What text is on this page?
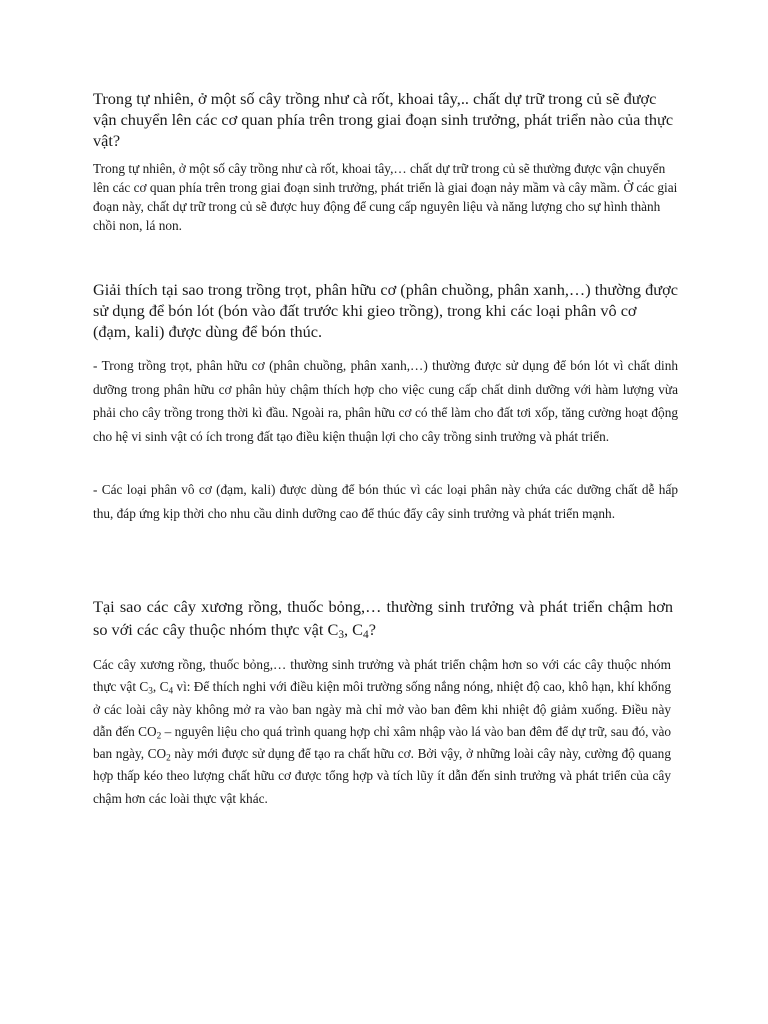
Trong tự nhiên, ở một số cây trồng như cà rốt, khoai tây,.. chất dự trữ trong củ sẽ được vận chuyển lên các cơ quan phía trên trong giai đoạn sinh trưởng, phát triển nào của thực vật?

Trong tự nhiên, ở một số cây trồng như cà rốt, khoai tây,… chất dự trữ trong củ sẽ thường được vận chuyển lên các cơ quan phía trên trong giai đoạn sinh trưởng, phát triển là giai đoạn nảy mầm và cây mầm. Ở các giai đoạn này, chất dự trữ trong củ sẽ được huy động để cung cấp nguyên liệu và năng lượng cho sự hình thành chồi non, lá non.

Giải thích tại sao trong trồng trọt, phân hữu cơ (phân chuồng, phân xanh,…) thường được sử dụng để bón lót (bón vào đất trước khi gieo trồng), trong khi các loại phân vô cơ (đạm, kali) được dùng để bón thúc.

- Trong trồng trọt, phân hữu cơ (phân chuồng, phân xanh,…) thường được sử dụng để bón lót vì chất dinh dưỡng trong phân hữu cơ phân hủy chậm thích hợp cho việc cung cấp chất dinh dưỡng với hàm lượng vừa phải cho cây trồng trong thời kì đầu. Ngoài ra, phân hữu cơ có thể làm cho đất tơi xốp, tăng cường hoạt động cho hệ vi sinh vật có ích trong đất tạo điều kiện thuận lợi cho cây trồng sinh trưởng và phát triển.

- Các loại phân vô cơ (đạm, kali) được dùng để bón thúc vì các loại phân này chứa các dưỡng chất dễ hấp thu, đáp ứng kịp thời cho nhu cầu dinh dưỡng cao để thúc đẩy cây sinh trưởng và phát triển mạnh.

Tại sao các cây xương rồng, thuốc bỏng,… thường sinh trưởng và phát triển chậm hơn so với các cây thuộc nhóm thực vật $C_3$, $C_4$?

Các cây xương rồng, thuốc bỏng,… thường sinh trưởng và phát triển chậm hơn so với các cây thuộc nhóm thực vật $C_3$, $C_4$ vì: Để thích nghi với điều kiện môi trường sống nắng nóng, nhiệt độ cao, khô hạn, khí khổng ở các loài cây này không mở ra vào ban ngày mà chỉ mở vào ban đêm khi nhiệt độ giảm xuống. Điều này dẫn đến $CO_2$ – nguyên liệu cho quá trình quang hợp chỉ xâm nhập vào lá vào ban đêm để dự trữ, sau đó, vào ban ngày, $CO_2$ này mới được sử dụng để tạo ra chất hữu cơ. Bởi vậy, ở những loài cây này, cường độ quang hợp thấp kéo theo lượng chất hữu cơ được tổng hợp và tích lũy ít dẫn đến sinh trưởng và phát triển của cây chậm hơn các loài thực vật khác.
